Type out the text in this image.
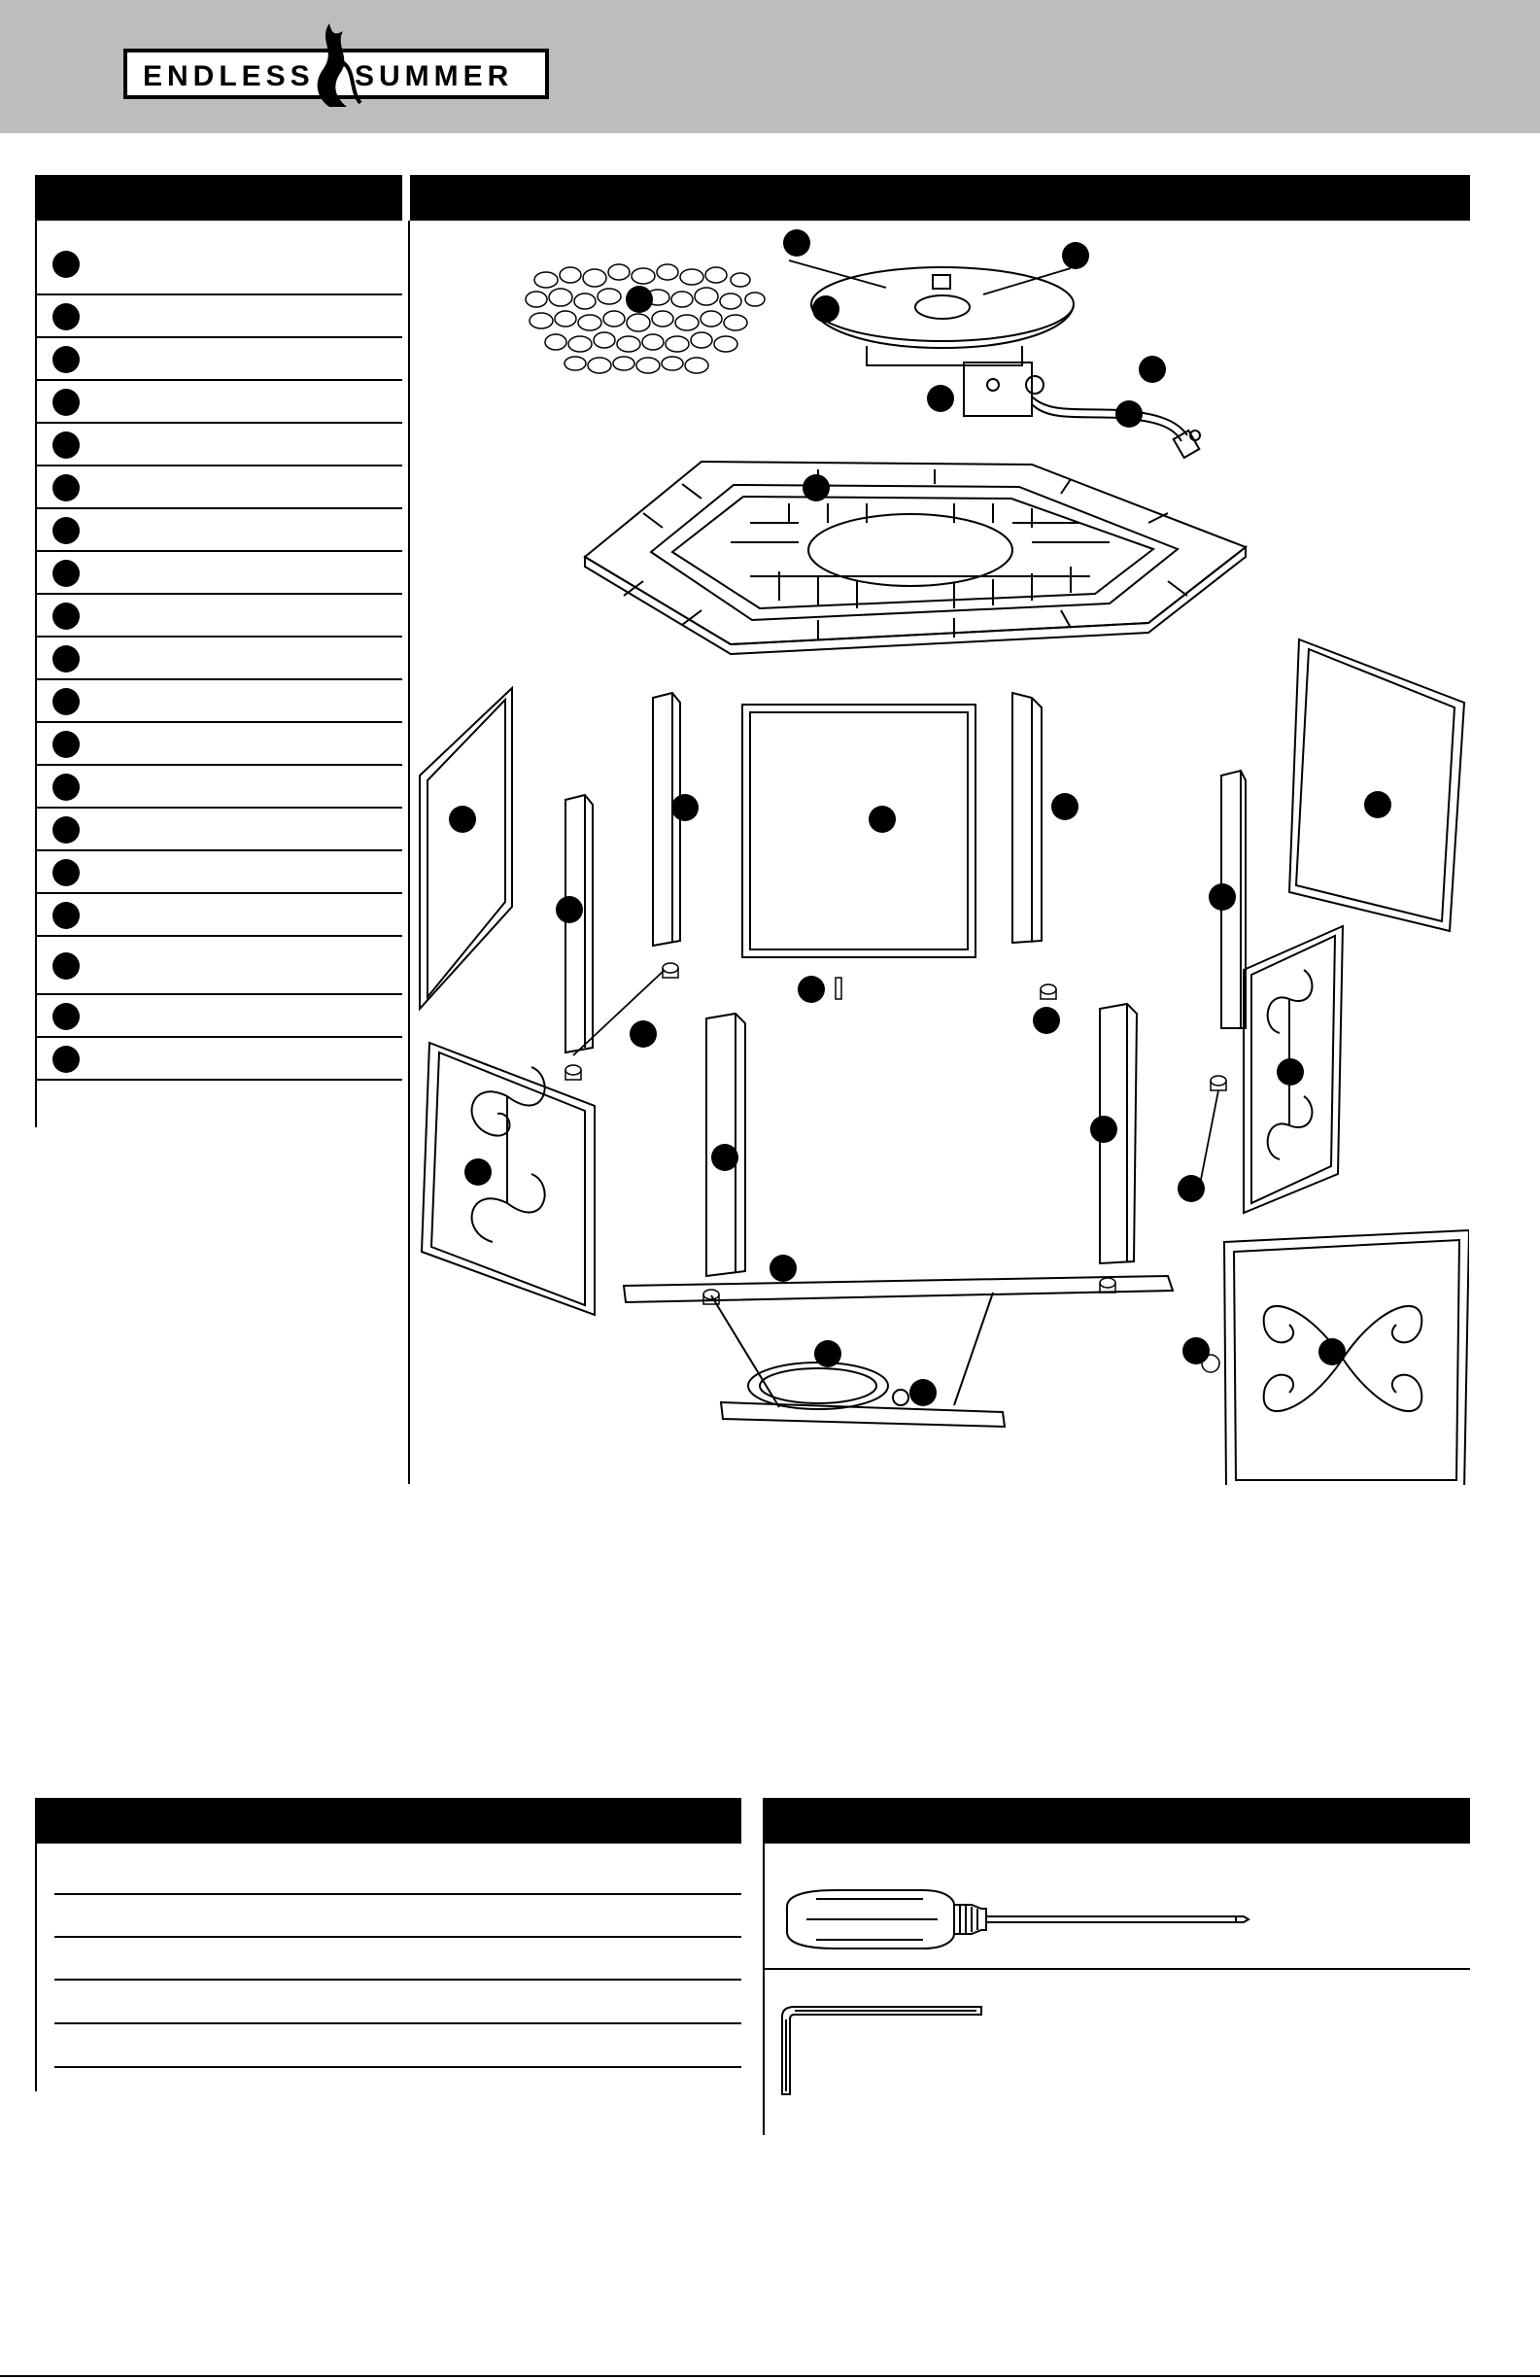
ENDLESS SUMMER
